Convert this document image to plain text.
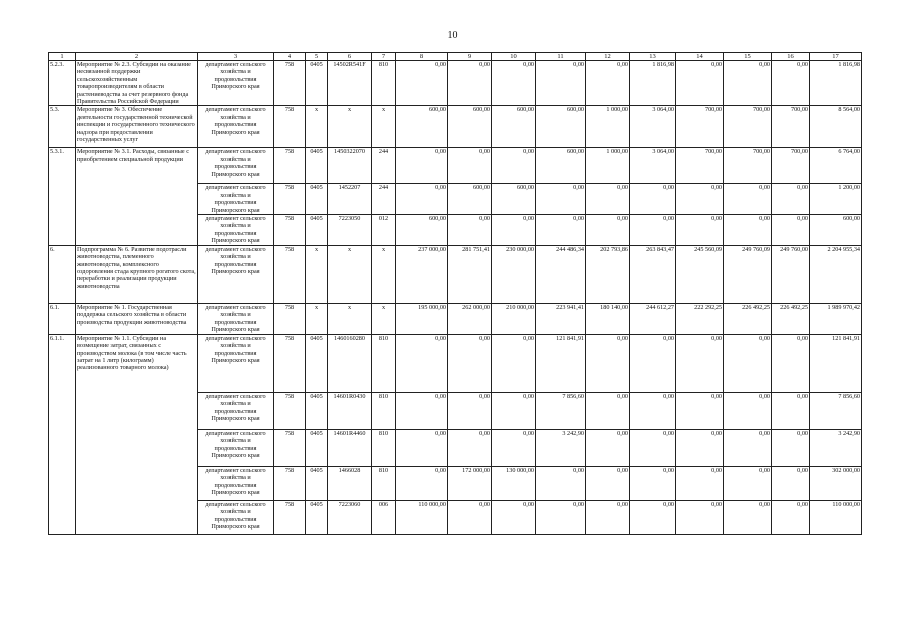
10
1	2	3	4	5	6	7	8	9	10	11	12	13	14	15	16	17
5.2.3.	Мероприятие № 2.3. Субсидии на оказание несвязанной поддержки сельскохозяйственным товаропроизводителям в области растениеводства за счет резервного фонда Правительства Российской Федерации	департамент сельского хозяйства и продовольствия Приморского края	758	0405	14502R541F	810	0,00	0,00	0,00	0,00	0,00	1 816,98	0,00	0,00	0,00	1 816,98
5.3.	Мероприятие № 3. Обеспечение деятельности государственной технической инспекции и государственного технического надзора при предоставлении государственных услуг	департамент сельского хозяйства и продовольствия Приморского края	758	х	х	х	600,00	600,00	600,00	600,00	1 000,00	3 064,00	700,00	700,00	700,00	8 564,00
5.3.1.	Мероприятие № 3.1. Расходы, связанные с приобретением специальной продукции	департамент сельского хозяйства и продовольствия Приморского края	758	0405	1450322070	244	0,00	0,00	0,00	600,00	1 000,00	3 064,00	700,00	700,00	700,00	6 764,00
		департамент сельского хозяйства и продовольствия Приморского края	758	0405	1452207	244	0,00	600,00	600,00	0,00	0,00	0,00	0,00	0,00	0,00	1 200,00
		департамент сельского хозяйства и продовольствия Приморского края	758	0405	7223050	012	600,00	0,00	0,00	0,00	0,00	0,00	0,00	0,00	0,00	600,00
6.	Подпрограмма № 6. Развитие подотрасли животноводства, племенного животноводства, комплексного оздоровления стада крупного рогатого скота, переработки и реализации продукции животноводства	департамент сельского хозяйства и продовольствия Приморского края	758	х	х	х	237 000,00	281 751,41	230 000,00	244 486,34	202 793,86	263 843,47	245 560,09	249 760,09	249 760,00	2 204 955,34
6.1.	Мероприятие № 1. Государственная поддержка сельского хозяйства в области производства продукции животноводства	департамент сельского хозяйства и продовольствия Приморского края	758	х	х	х	195 000,00	262 000,00	210 000,00	223 941,41	180 140,00	244 612,27	222 292,25	226 492,25	226 492,25	1 989 970,42
6.1.1.	Мероприятие № 1.1. Субсидии на возмещение затрат, связанных с производством молока (в том числе часть затрат на 1 литр (килограмм) реализованного товарного молока)	департамент сельского хозяйства и продовольствия Приморского края	758	0405	1460160280	810	0,00	0,00	0,00	121 841,91	0,00	0,00	0,00	0,00	0,00	121 841,91
		департамент сельского хозяйства и продовольствия Приморского края	758	0405	14601R0430	810	0,00	0,00	0,00	7 856,60	0,00	0,00	0,00	0,00	0,00	7 856,60
		департамент сельского хозяйства и продовольствия Приморского края	758	0405	14601R4460	810	0,00	0,00	0,00	3 242,90	0,00	0,00	0,00	0,00	0,00	3 242,90
		департамент сельского хозяйства и продовольствия Приморского края	758	0405	1466028	810	0,00	172 000,00	130 000,00	0,00	0,00	0,00	0,00	0,00	0,00	302 000,00
		департамент сельского хозяйства и продовольствия Приморского края	758	0405	7223060	006	110 000,00	0,00	0,00	0,00	0,00	0,00	0,00	0,00	0,00	110 000,00
